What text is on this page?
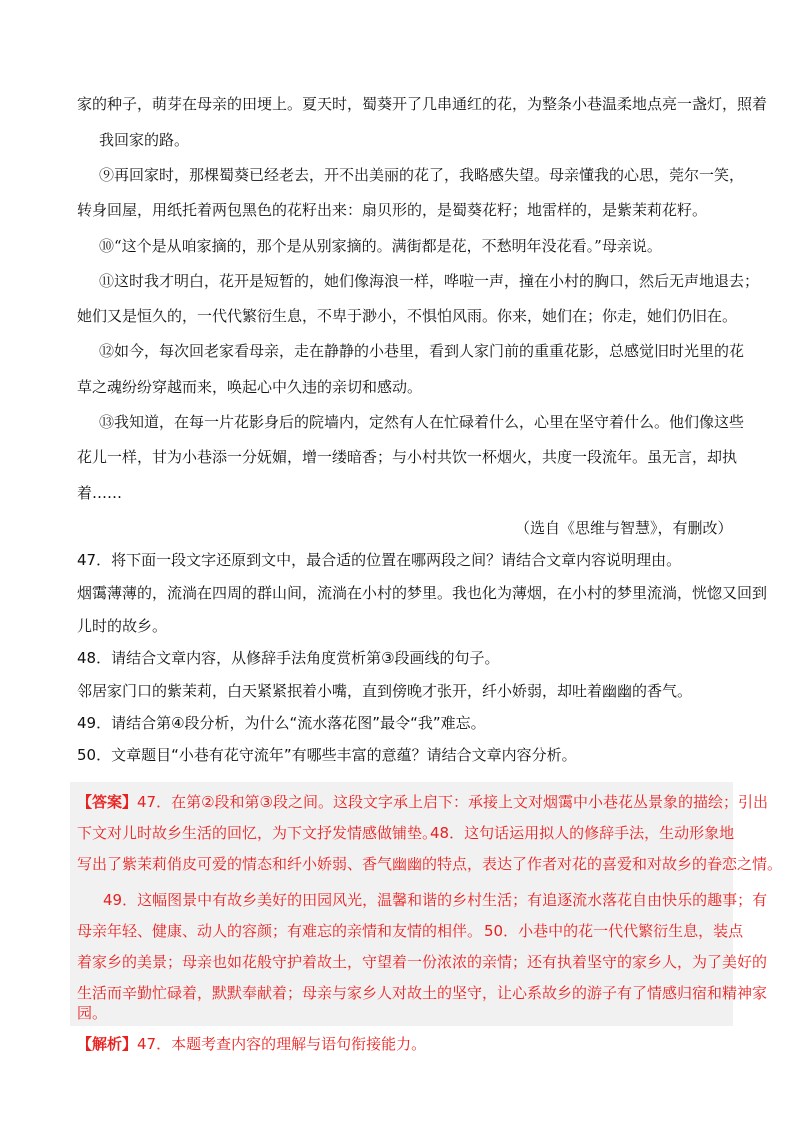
家的种子，萌芽在母亲的田埂上。夏天时，蜀葵开了几串通红的花，为整条小巷温柔地点亮一盏灯，照着
我回家的路。
⑨再回家时，那棵蜀葵已经老去，开不出美丽的花了，我略感失望。母亲懂我的心思，莞尔一笑，
转身回屋，用纸托着两包黑色的花籽出来：扇贝形的，是蜀葵花籽；地雷样的，是紫茉莉花籽。
⑩“这个是从咱家摘的，那个是从别家摘的。满街都是花，不愁明年没花看。”母亲说。
⑪这时我才明白，花开是短暂的，她们像海浪一样，哗啦一声，撞在小村的胸口，然后无声地退去；
她们又是恒久的，一代代繁衍生息，不卑于渺小，不惧怕风雨。你来，她们在；你走，她们仍旧在。
⑫如今，每次回老家看母亲，走在静静的小巷里，看到人家门前的重重花影，总感觉旧时光里的花
草之魂纷纷穿越而来，唤起心中久违的亲切和感动。
⑬我知道，在每一片花影身后的院墙内，定然有人在忙碌着什么，心里在坚守着什么。他们像这些
花儿一样，甘为小巷添一分妩媚，增一缕暗香；与小村共饮一杯烟火，共度一段流年。虽无言，却执
着……
（选自《思维与智慧》，有删改）
47．将下面一段文字还原到文中，最合适的位置在哪两段之间？请结合文章内容说明理由。
烟霭薄薄的，流淌在四周的群山间，流淌在小村的梦里。我也化为薄烟，在小村的梦里流淌，恍惚又回到
儿时的故乡。
48．请结合文章内容，从修辞手法角度赏析第③段画线的句子。
邻居家门口的紫茉莉，白天紧紧抿着小嘴，直到傍晚才张开，纤小娇弱，却吐着幽幽的香气。
49．请结合第④段分析，为什么“流水落花图”最令“我”难忘。
50．文章题目“小巷有花守流年”有哪些丰富的意蕴？请结合文章内容分析。
【答案】47．在第②段和第③段之间。这段文字承上启下：承接上文对烟霭中小巷花丛景象的描绘；引出
下文对儿时故乡生活的回忆，为下文抒发情感做铺垫。
48．这句话运用拟人的修辞手法，生动形象地
写出了紫茉莉俏皮可爱的情态和纤小娇弱、香气幽幽的特点，表达了作者对花的喜爱和对故乡的眷恋之情。
49．这幅图景中有故乡美好的田园风光，温馨和谐的乡村生活；有追逐流水落花自由快乐的趣事；有
母亲年轻、健康、动人的容颜；有难忘的亲情和友情的相伴。 50．小巷中的花一代代繁衍生息，装点
着家乡的美景；母亲也如花般守护着故土，守望着一份浓浓的亲情；还有执着坚守的家乡人，为了美好的
生活而辛勤忙碌着，默默奉献着；母亲与家乡人对故土的坚守，让心系故乡的游子有了情感归宿和精神家
园。
【解析】47．本题考查内容的理解与语句衔接能力。
